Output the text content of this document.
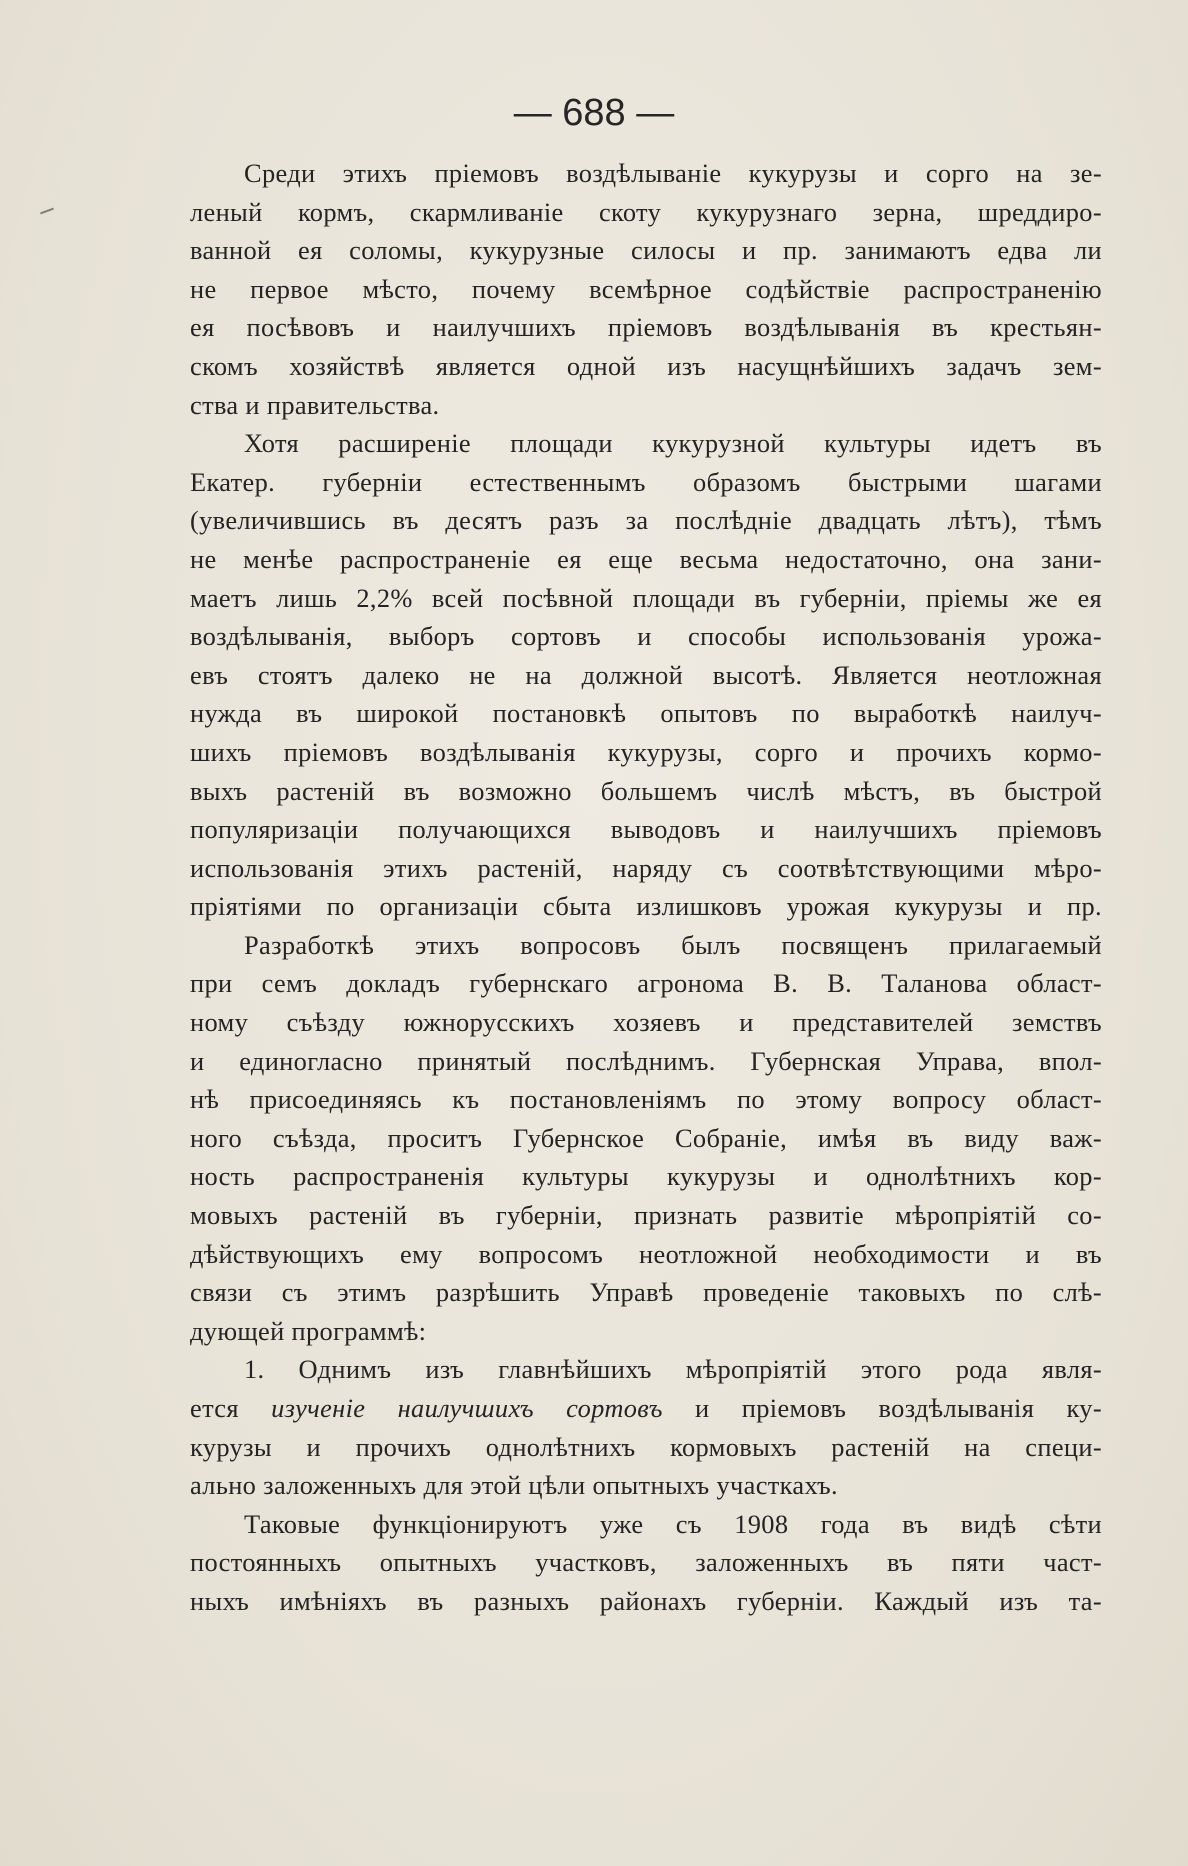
— 688 —
Среди этихъ пріемовъ воздѣлываніе кукурузы и сорго на зе-
леный кормъ, скармливаніе скоту кукурузнаго зерна, шреддиро-
ванной ея соломы, кукурузные силосы и пр. занимаютъ едва ли
не первое мѣсто, почему всемѣрное содѣйствіе распространенію
ея посѣвовъ и наилучшихъ пріемовъ воздѣлыванія въ крестьян-
скомъ хозяйствѣ является одной изъ насущнѣйшихъ задачъ зем-
ства и правительства.
Хотя расширеніе площади кукурузной культуры идетъ въ
Екатер. губерніи естественнымъ образомъ быстрыми шагами
(увеличившись въ десятъ разъ за послѣдніе двадцать лѣтъ), тѣмъ
не менѣе распространеніе ея еще весьма недостаточно, она зани-
маетъ лишь 2,2% всей посѣвной площади въ губерніи, пріемы же ея
воздѣлыванія, выборъ сортовъ и способы использованія урожа-
евъ стоятъ далеко не на должной высотѣ. Является неотложная
нужда въ широкой постановкѣ опытовъ по выработкѣ наилуч-
шихъ пріемовъ воздѣлыванія кукурузы, сорго и прочихъ кормо-
выхъ растеній въ возможно большемъ числѣ мѣстъ, въ быстрой
популяризаціи получающихся выводовъ и наилучшихъ пріемовъ
использованія этихъ растеній, наряду съ соотвѣтствующими мѣро-
пріятіями по организаціи сбыта излишковъ урожая кукурузы и пр.
Разработкѣ этихъ вопросовъ былъ посвященъ прилагаемый
при семъ докладъ губернскаго агронома В. В. Таланова област-
ному съѣзду южнорусскихъ хозяевъ и представителей земствъ
и единогласно принятый послѣднимъ. Губернская Управа, впол-
нѣ присоединяясь къ постановленіямъ по этому вопросу област-
ного съѣзда, проситъ Губернское Собраніе, имѣя въ виду важ-
ность распространенія культуры кукурузы и однолѣтнихъ кор-
мовыхъ растеній въ губерніи, признать развитіе мѣропріятій со-
дѣйствующихъ ему вопросомъ неотложной необходимости и въ
связи съ этимъ разрѣшить Управѣ проведеніе таковыхъ по слѣ-
дующей программѣ:
1. Однимъ изъ главнѣйшихъ мѣропріятій этого рода явля-
ется изученіе наилучшихъ сортовъ и пріемовъ воздѣлыванія ку-
курузы и прочихъ однолѣтнихъ кормовыхъ растеній на специ-
ально заложенныхъ для этой цѣли опытныхъ участкахъ.
Таковые функціонируютъ уже съ 1908 года въ видѣ сѣти
постоянныхъ опытныхъ участковъ, заложенныхъ въ пяти част-
ныхъ имѣніяхъ въ разныхъ районахъ губерніи. Каждый изъ та-
